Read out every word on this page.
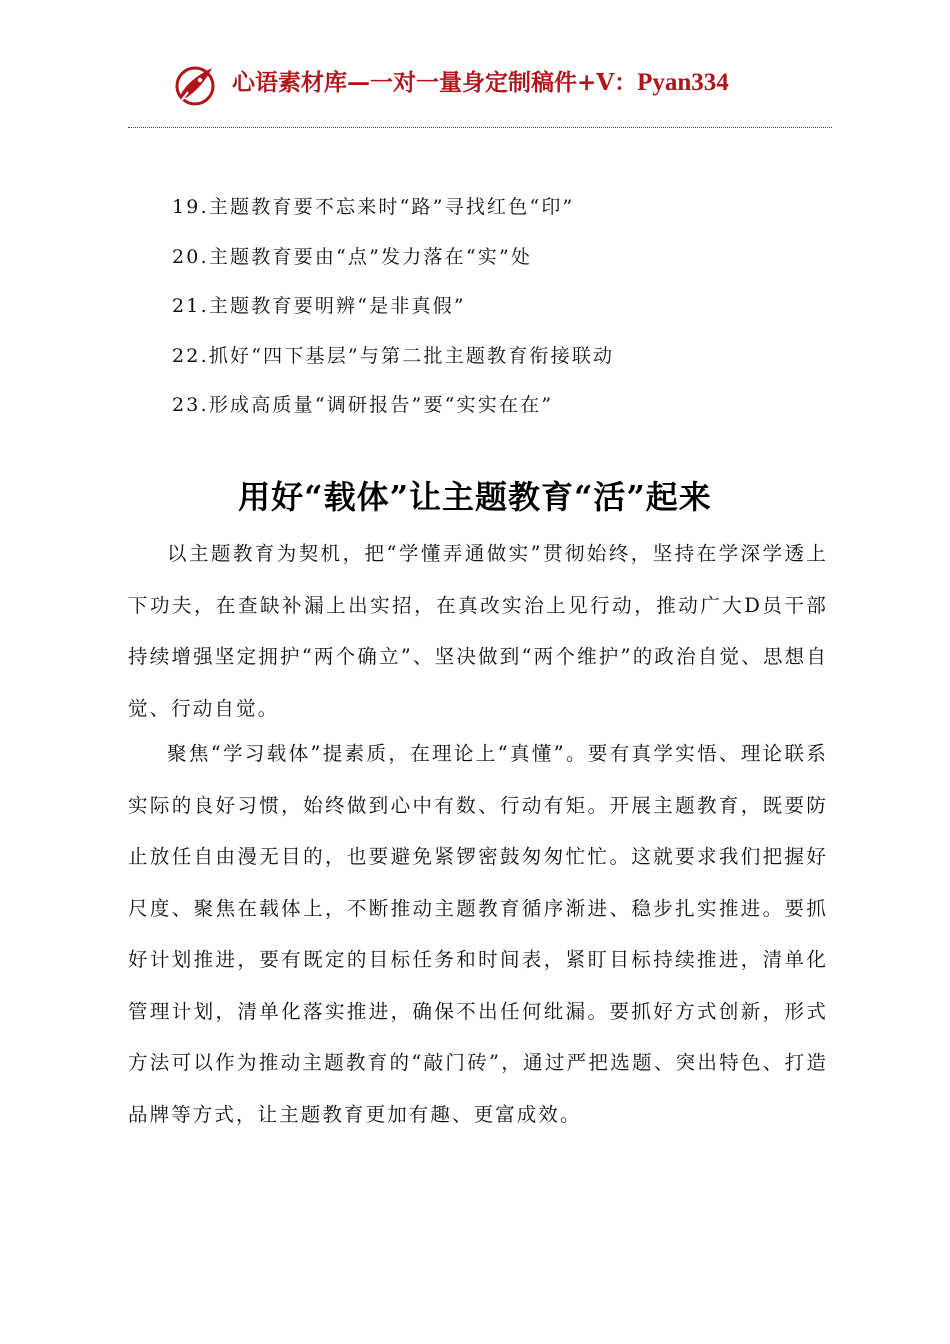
心语素材库—一对一量身定制稿件+V：Pyan334
19.主题教育要不忘来时“路”寻找红色“印”
20.主题教育要由“点”发力落在“实”处
21.主题教育要明辨“是非真假”
22.抓好“四下基层”与第二批主题教育衔接联动
23.形成高质量“调研报告”要“实实在在”
用好“载体”让主题教育“活”起来

以主题教育为契机，把“学懂弄通做实”贯彻始终，坚持在学深学透上下功夫，在查缺补漏上出实招，在真改实治上见行动，推动广大D员干部持续增强坚定拥护“两个确立”、坚决做到“两个维护”的政治自觉、思想自觉、行动自觉。

聚焦“学习载体”提素质，在理论上“真懂”。要有真学实悟、理论联系实际的良好习惯，始终做到心中有数、行动有矩。开展主题教育，既要防止放任自由漫无目的，也要避免紧锣密鼓匆匆忙忙。这就要求我们把握好尺度、聚焦在载体上，不断推动主题教育循序渐进、稳步扎实推进。要抓好计划推进，要有既定的目标任务和时间表，紧盯目标持续推进，清单化管理计划，清单化落实推进，确保不出任何纰漏。要抓好方式创新，形式方法可以作为推动主题教育的“敲门砖”，通过严把选题、突出特色、打造品牌等方式，让主题教育更加有趣、更富成效。
